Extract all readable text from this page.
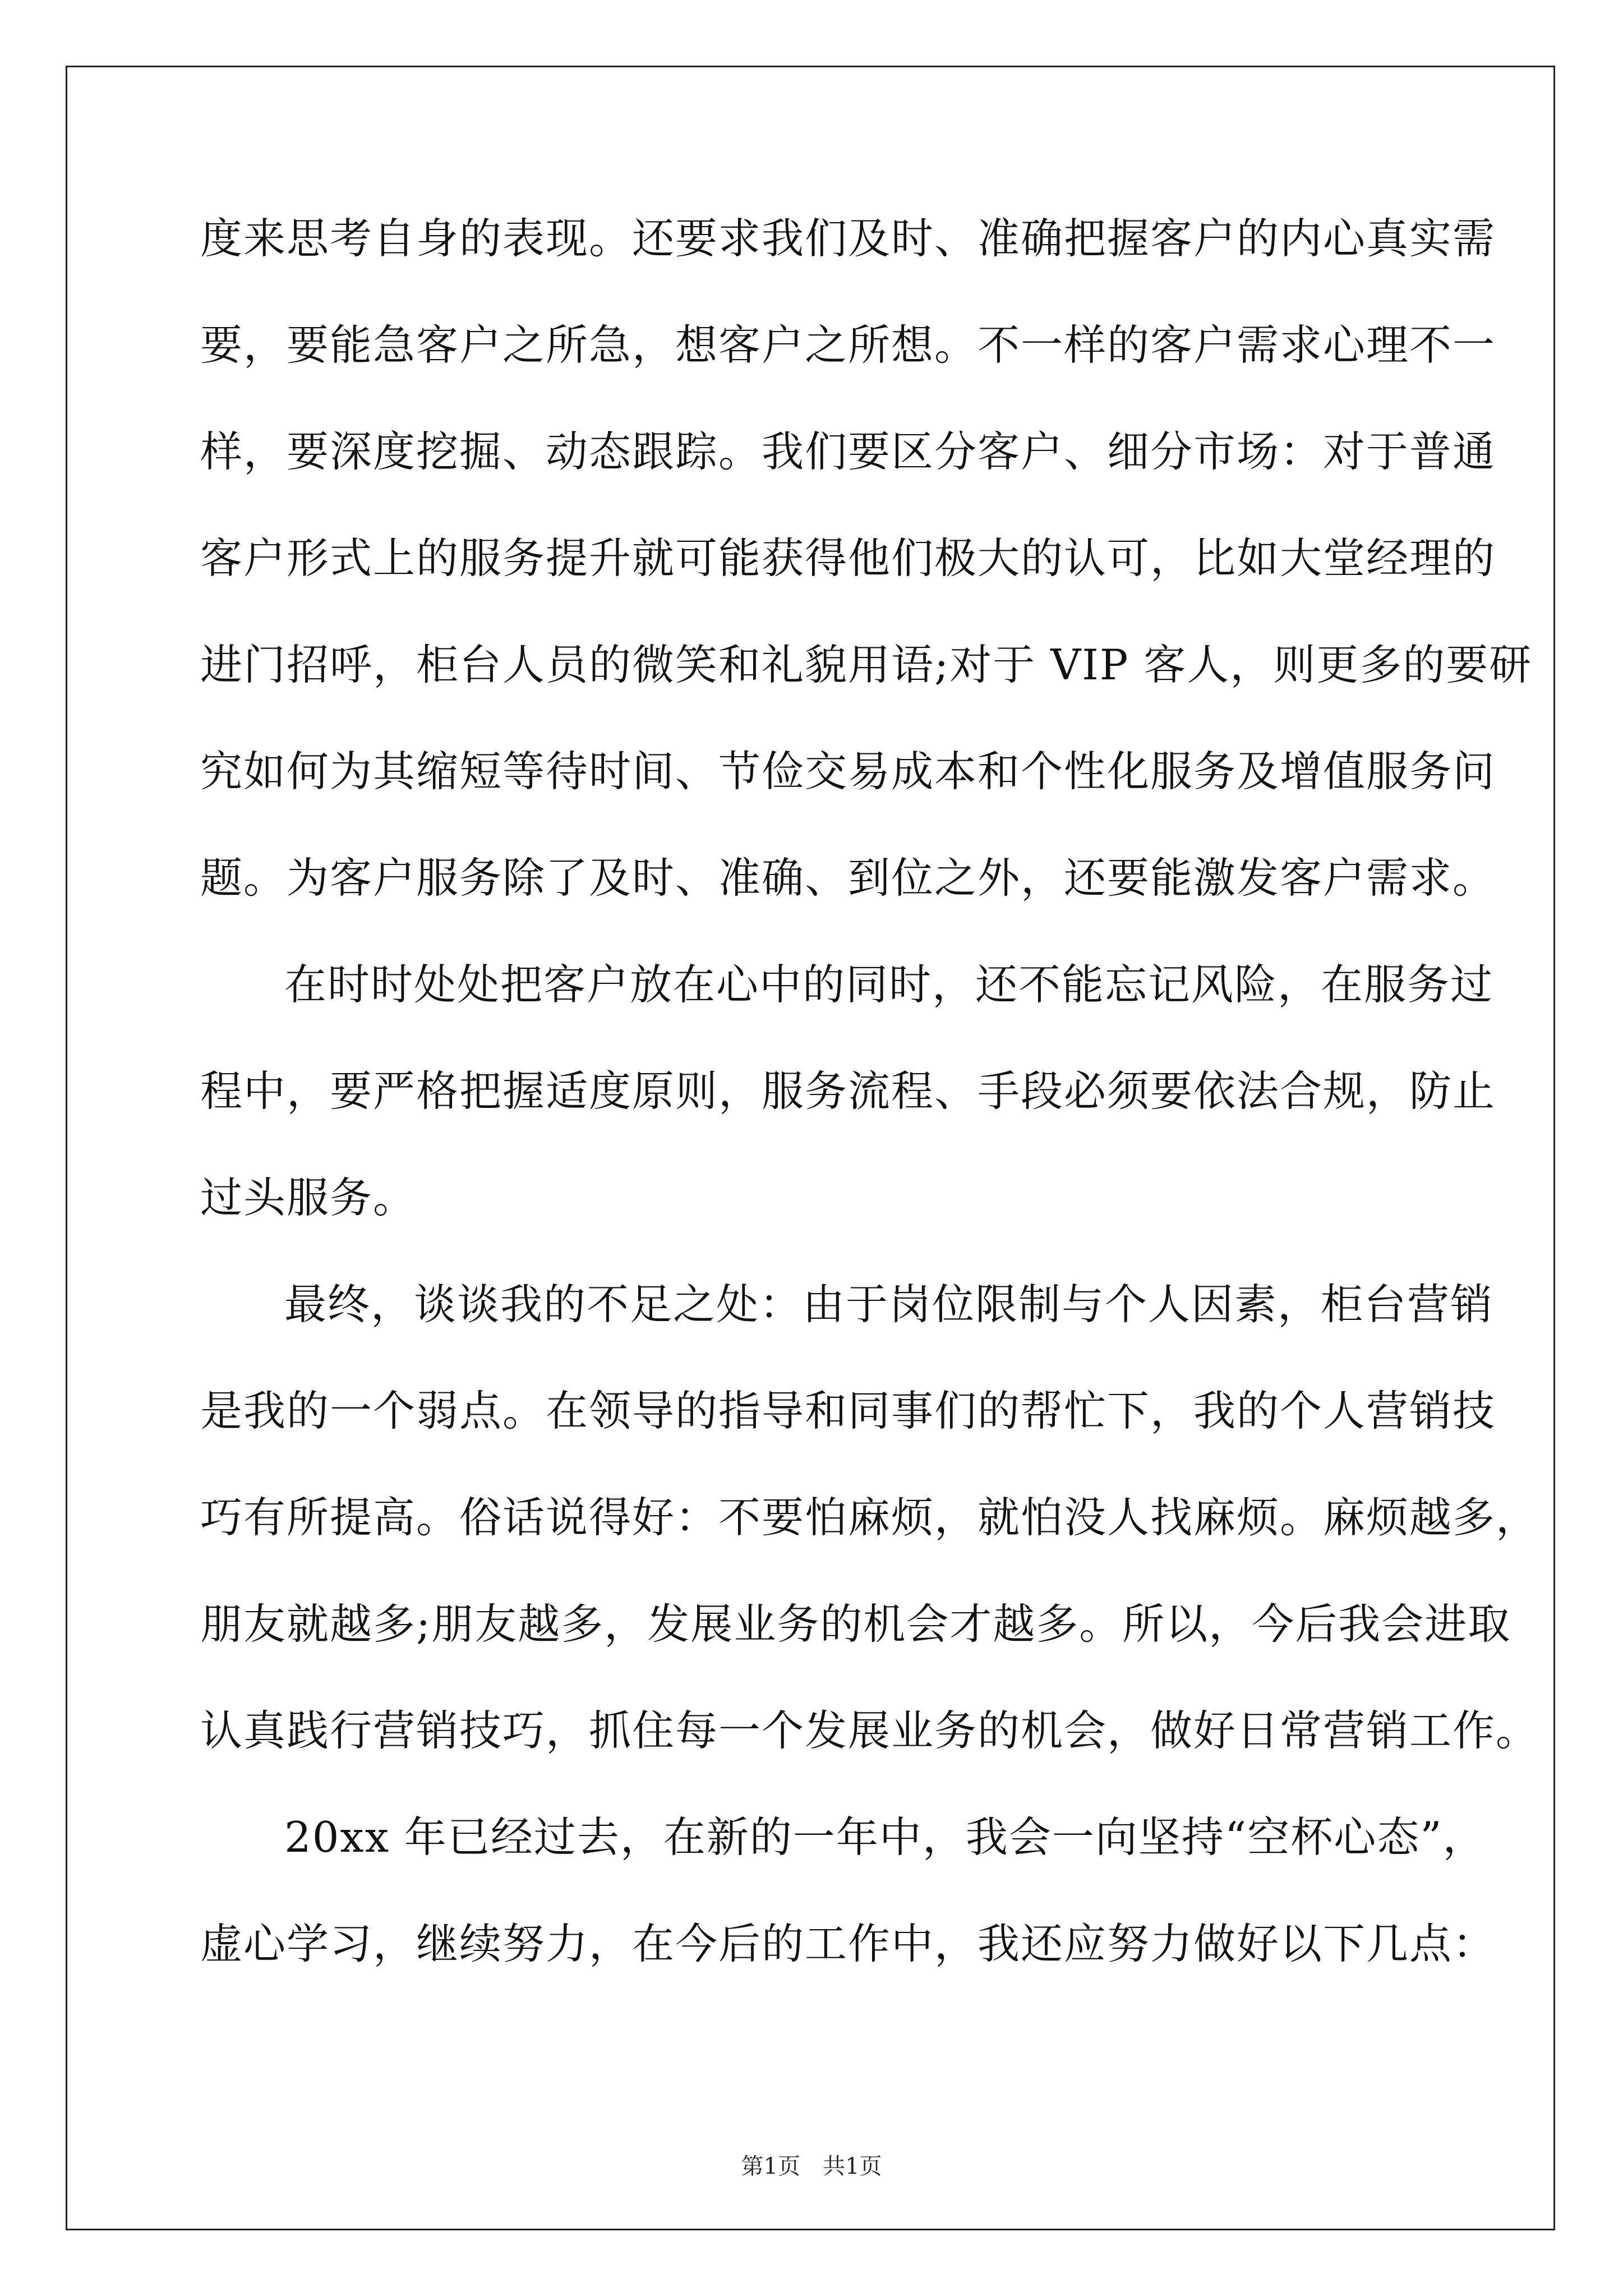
度来思考自身的表现。还要求我们及时、准确把握客户的内心真实需
要，要能急客户之所急，想客户之所想。不一样的客户需求心理不一
样，要深度挖掘、动态跟踪。我们要区分客户、细分市场：对于普通
客户形式上的服务提升就可能获得他们极大的认可，比如大堂经理的
进门招呼，柜台人员的微笑和礼貌用语;对于 VIP 客人，则更多的要研
究如何为其缩短等待时间、节俭交易成本和个性化服务及增值服务问
题。为客户服务除了及时、准确、到位之外，还要能激发客户需求。
在时时处处把客户放在心中的同时，还不能忘记风险，在服务过
程中，要严格把握适度原则，服务流程、手段必须要依法合规，防止
过头服务。
最终，谈谈我的不足之处：由于岗位限制与个人因素，柜台营销
是我的一个弱点。在领导的指导和同事们的帮忙下，我的个人营销技
巧有所提高。俗话说得好：不要怕麻烦，就怕没人找麻烦。麻烦越多，
朋友就越多;朋友越多，发展业务的机会才越多。所以，今后我会进取
认真践行营销技巧，抓住每一个发展业务的机会，做好日常营销工作。
20xx 年已经过去，在新的一年中，我会一向坚持“空杯心态”，
虚心学习，继续努力，在今后的工作中，我还应努力做好以下几点：
第1页　共1页
